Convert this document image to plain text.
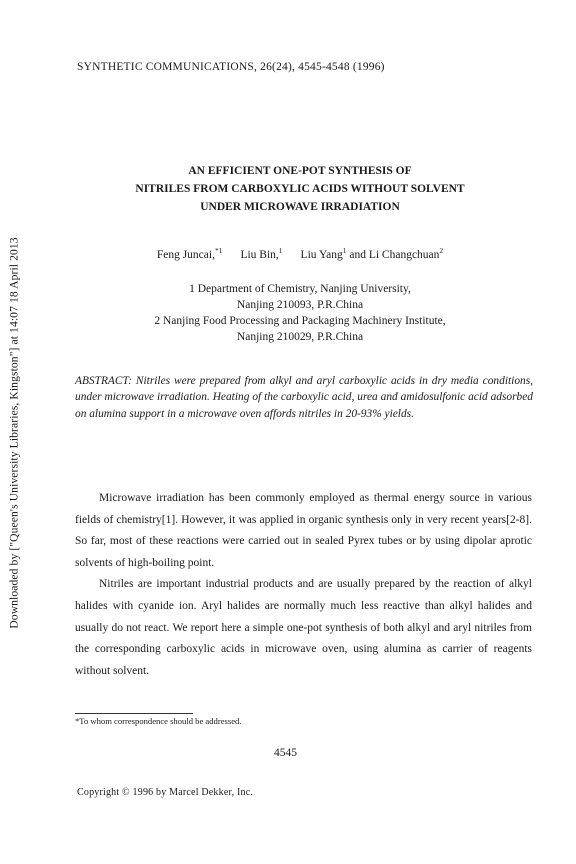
SYNTHETIC COMMUNICATIONS, 26(24), 4545-4548 (1996)
AN EFFICIENT ONE-POT SYNTHESIS OF
NITRILES FROM CARBOXYLIC ACIDS WITHOUT SOLVENT
UNDER MICROWAVE IRRADIATION
Feng Juncai,$^{*1}$ Liu Bin,$^1$ Liu Yang$^1$ and Li Changchuan$^2$
1 Department of Chemistry, Nanjing University,
Nanjing 210093, P.R.China
2 Nanjing Food Processing and Packaging Machinery Institute,
Nanjing 210029, P.R.China
ABSTRACT: Nitriles were prepared from alkyl and aryl carboxylic acids in dry media conditions, under microwave irradiation. Heating of the carboxylic acid, urea and amidosulfonic acid adsorbed on alumina support in a microwave oven affords nitriles in 20-93% yields.

Microwave irradiation has been commonly employed as thermal energy source in various fields of chemistry[1]. However, it was applied in organic synthesis only in very recent years[2-8]. So far, most of these reactions were carried out in sealed Pyrex tubes or by using dipolar aprotic solvents of high-boiling point.

Nitriles are important industrial products and are usually prepared by the reaction of alkyl halides with cyanide ion. Aryl halides are normally much less reactive than alkyl halides and usually do not react. We report here a simple one-pot synthesis of both alkyl and aryl nitriles from the corresponding carboxylic acids in microwave oven, using alumina as carrier of reagents without solvent.

*To whom correspondence should be addressed.
4545
Copyright © 1996 by Marcel Dekker, Inc.
Downloaded by ["Queen's University Libraries, Kingston"] at 14:07 18 April 2013
